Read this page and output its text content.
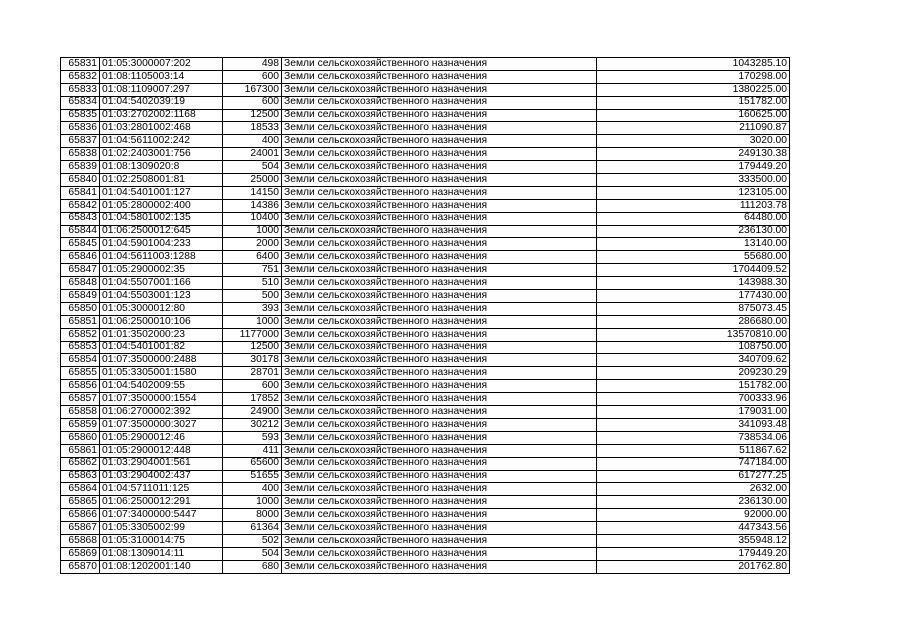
65831	01:05:3000007:202	498	Земли сельскохозяйственного назначения	1043285.10
65832	01:08:1105003:14	600	Земли сельскохозяйственного назначения	170298.00
65833	01:08:1109007:297	167300	Земли сельскохозяйственного назначения	1380225.00
65834	01:04:5402039:19	600	Земли сельскохозяйственного назначения	151782.00
65835	01:03:2702002:1168	12500	Земли сельскохозяйственного назначения	160625.00
65836	01:03:2801002:468	18533	Земли сельскохозяйственного назначения	211090.87
65837	01:04:5611002:242	400	Земли сельскохозяйственного назначения	3020.00
65838	01:02:2403001:756	24001	Земли сельскохозяйственного назначения	249130.38
65839	01:08:1309020:8	504	Земли сельскохозяйственного назначения	179449.20
65840	01:02:2508001:81	25000	Земли сельскохозяйственного назначения	333500.00
65841	01:04:5401001:127	14150	Земли сельскохозяйственного назначения	123105.00
65842	01:05:2800002:400	14386	Земли сельскохозяйственного назначения	111203.78
65843	01:04:5801002:135	10400	Земли сельскохозяйственного назначения	64480.00
65844	01:06:2500012:645	1000	Земли сельскохозяйственного назначения	236130.00
65845	01:04:5901004:233	2000	Земли сельскохозяйственного назначения	13140.00
65846	01:04:5611003:1288	6400	Земли сельскохозяйственного назначения	55680.00
65847	01:05:2900002:35	751	Земли сельскохозяйственного назначения	1704409.52
65848	01:04:5507001:166	510	Земли сельскохозяйственного назначения	143988.30
65849	01:04:5503001:123	500	Земли сельскохозяйственного назначения	177430.00
65850	01:05:3000012:80	393	Земли сельскохозяйственного назначения	875073.45
65851	01:06:2500010:106	1000	Земли сельскохозяйственного назначения	286680.00
65852	01:01:3502000:23	1177000	Земли сельскохозяйственного назначения	13570810.00
65853	01:04:5401001:82	12500	Земли сельскохозяйственного назначения	108750.00
65854	01:07:3500000:2488	30178	Земли сельскохозяйственного назначения	340709.62
65855	01:05:3305001:1580	28701	Земли сельскохозяйственного назначения	209230.29
65856	01:04:5402009:55	600	Земли сельскохозяйственного назначения	151782.00
65857	01:07:3500000:1554	17852	Земли сельскохозяйственного назначения	700333.96
65858	01:06:2700002:392	24900	Земли сельскохозяйственного назначения	179031.00
65859	01:07:3500000:3027	30212	Земли сельскохозяйственного назначения	341093.48
65860	01:05:2900012:46	593	Земли сельскохозяйственного назначения	738534.06
65861	01:05:2900012:448	411	Земли сельскохозяйственного назначения	511867.62
65862	01:03:2904001:561	65600	Земли сельскохозяйственного назначения	747184.00
65863	01:03:2904002:437	51655	Земли сельскохозяйственного назначения	617277.25
65864	01:04:5711011:125	400	Земли сельскохозяйственного назначения	2632.00
65865	01:06:2500012:291	1000	Земли сельскохозяйственного назначения	236130.00
65866	01:07:3400000:5447	8000	Земли сельскохозяйственного назначения	92000.00
65867	01:05:3305002:99	61364	Земли сельскохозяйственного назначения	447343.56
65868	01:05:3100014:75	502	Земли сельскохозяйственного назначения	355948.12
65869	01:08:1309014:11	504	Земли сельскохозяйственного назначения	179449.20
65870	01:08:1202001:140	680	Земли сельскохозяйственного назначения	201762.80
